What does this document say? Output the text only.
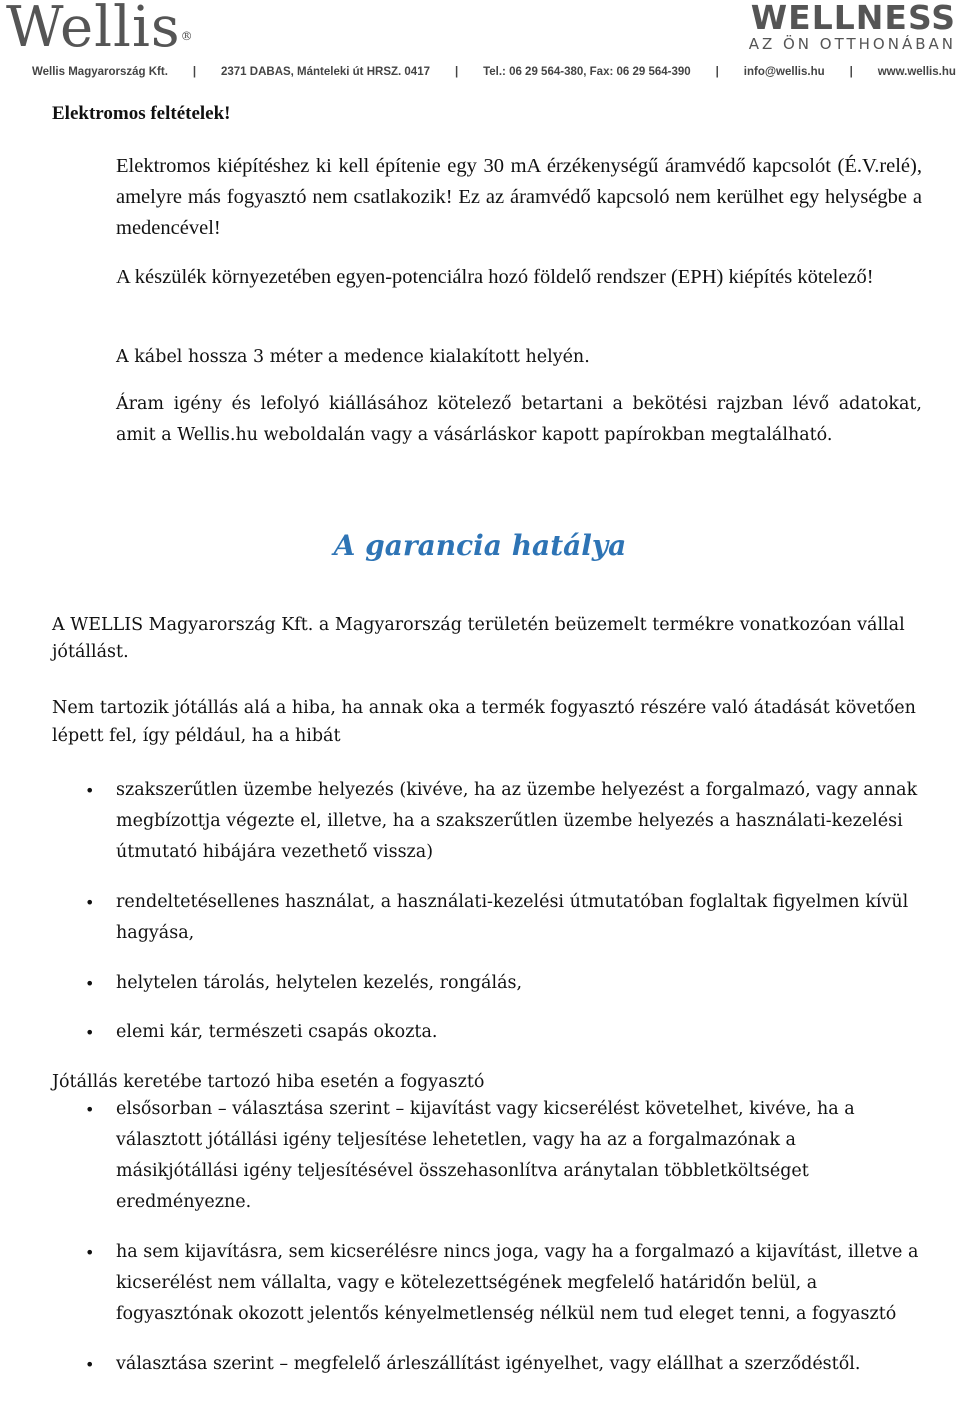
Wellis®	WELLNESS
AZ ÖN OTTHONÁBAN
Wellis Magyarország Kft. | 2371 DABAS, Mánteleki út HRSZ. 0417 | Tel.: 06 29 564-380, Fax: 06 29 564-390 | info@wellis.hu | www.wellis.hu
Elektromos feltételek!
Elektromos kiépítéshez ki kell építenie egy 30 mA érzékenységű áramvédő kapcsolót (É.V.relé), amelyre más fogyasztó nem csatlakozik! Ez az áramvédő kapcsoló nem kerülhet egy helységbe a medencével!
A készülék környezetében egyen-potenciálra hozó földelő rendszer (EPH) kiépítés kötelező!
A kábel hossza 3 méter a medence kialakított helyén.
Áram igény és lefolyó kiállásához kötelező betartani a bekötési rajzban lévő adatokat, amit a Wellis.hu weboldalán vagy a vásárláskor kapott papírokban megtalálható.
A garancia hatálya
A WELLIS Magyarország Kft. a Magyarország területén beüzemelt termékre vonatkozóan vállal jótállást.
Nem tartozik jótállás alá a hiba, ha annak oka a termék fogyasztó részére való átadását követően lépett fel, így például, ha a hibát
• szakszerűtlen üzembe helyezés (kivéve, ha az üzembe helyezést a forgalmazó, vagy annak megbízottja végezte el, illetve, ha a szakszerűtlen üzembe helyezés a használati-kezelési útmutató hibájára vezethető vissza)
• rendeltetésellenes használat, a használati-kezelési útmutatóban foglaltak figyelmen kívül hagyása,
• helytelen tárolás, helytelen kezelés, rongálás,
• elemi kár, természeti csapás okozta.
Jótállás keretébe tartozó hiba esetén a fogyasztó
• elsősorban – választása szerint – kijavítást vagy kicserélést követelhet, kivéve, ha a választott jótállási igény teljesítése lehetetlen, vagy ha az a forgalmazónak a másikjótállási igény teljesítésével összehasonlítva aránytalan többletköltséget eredményezne.
• ha sem kijavításra, sem kicserélésre nincs joga, vagy ha a forgalmazó a kijavítást, illetve a kicserélést nem vállalta, vagy e kötelezettségének megfelelő határidőn belül, a fogyasztónak okozott jelentős kényelmetlenség nélkül nem tud eleget tenni, a fogyasztó
• választása szerint – megfelelő árleszállítást igényelhet, vagy elállhat a szerződéstől.
